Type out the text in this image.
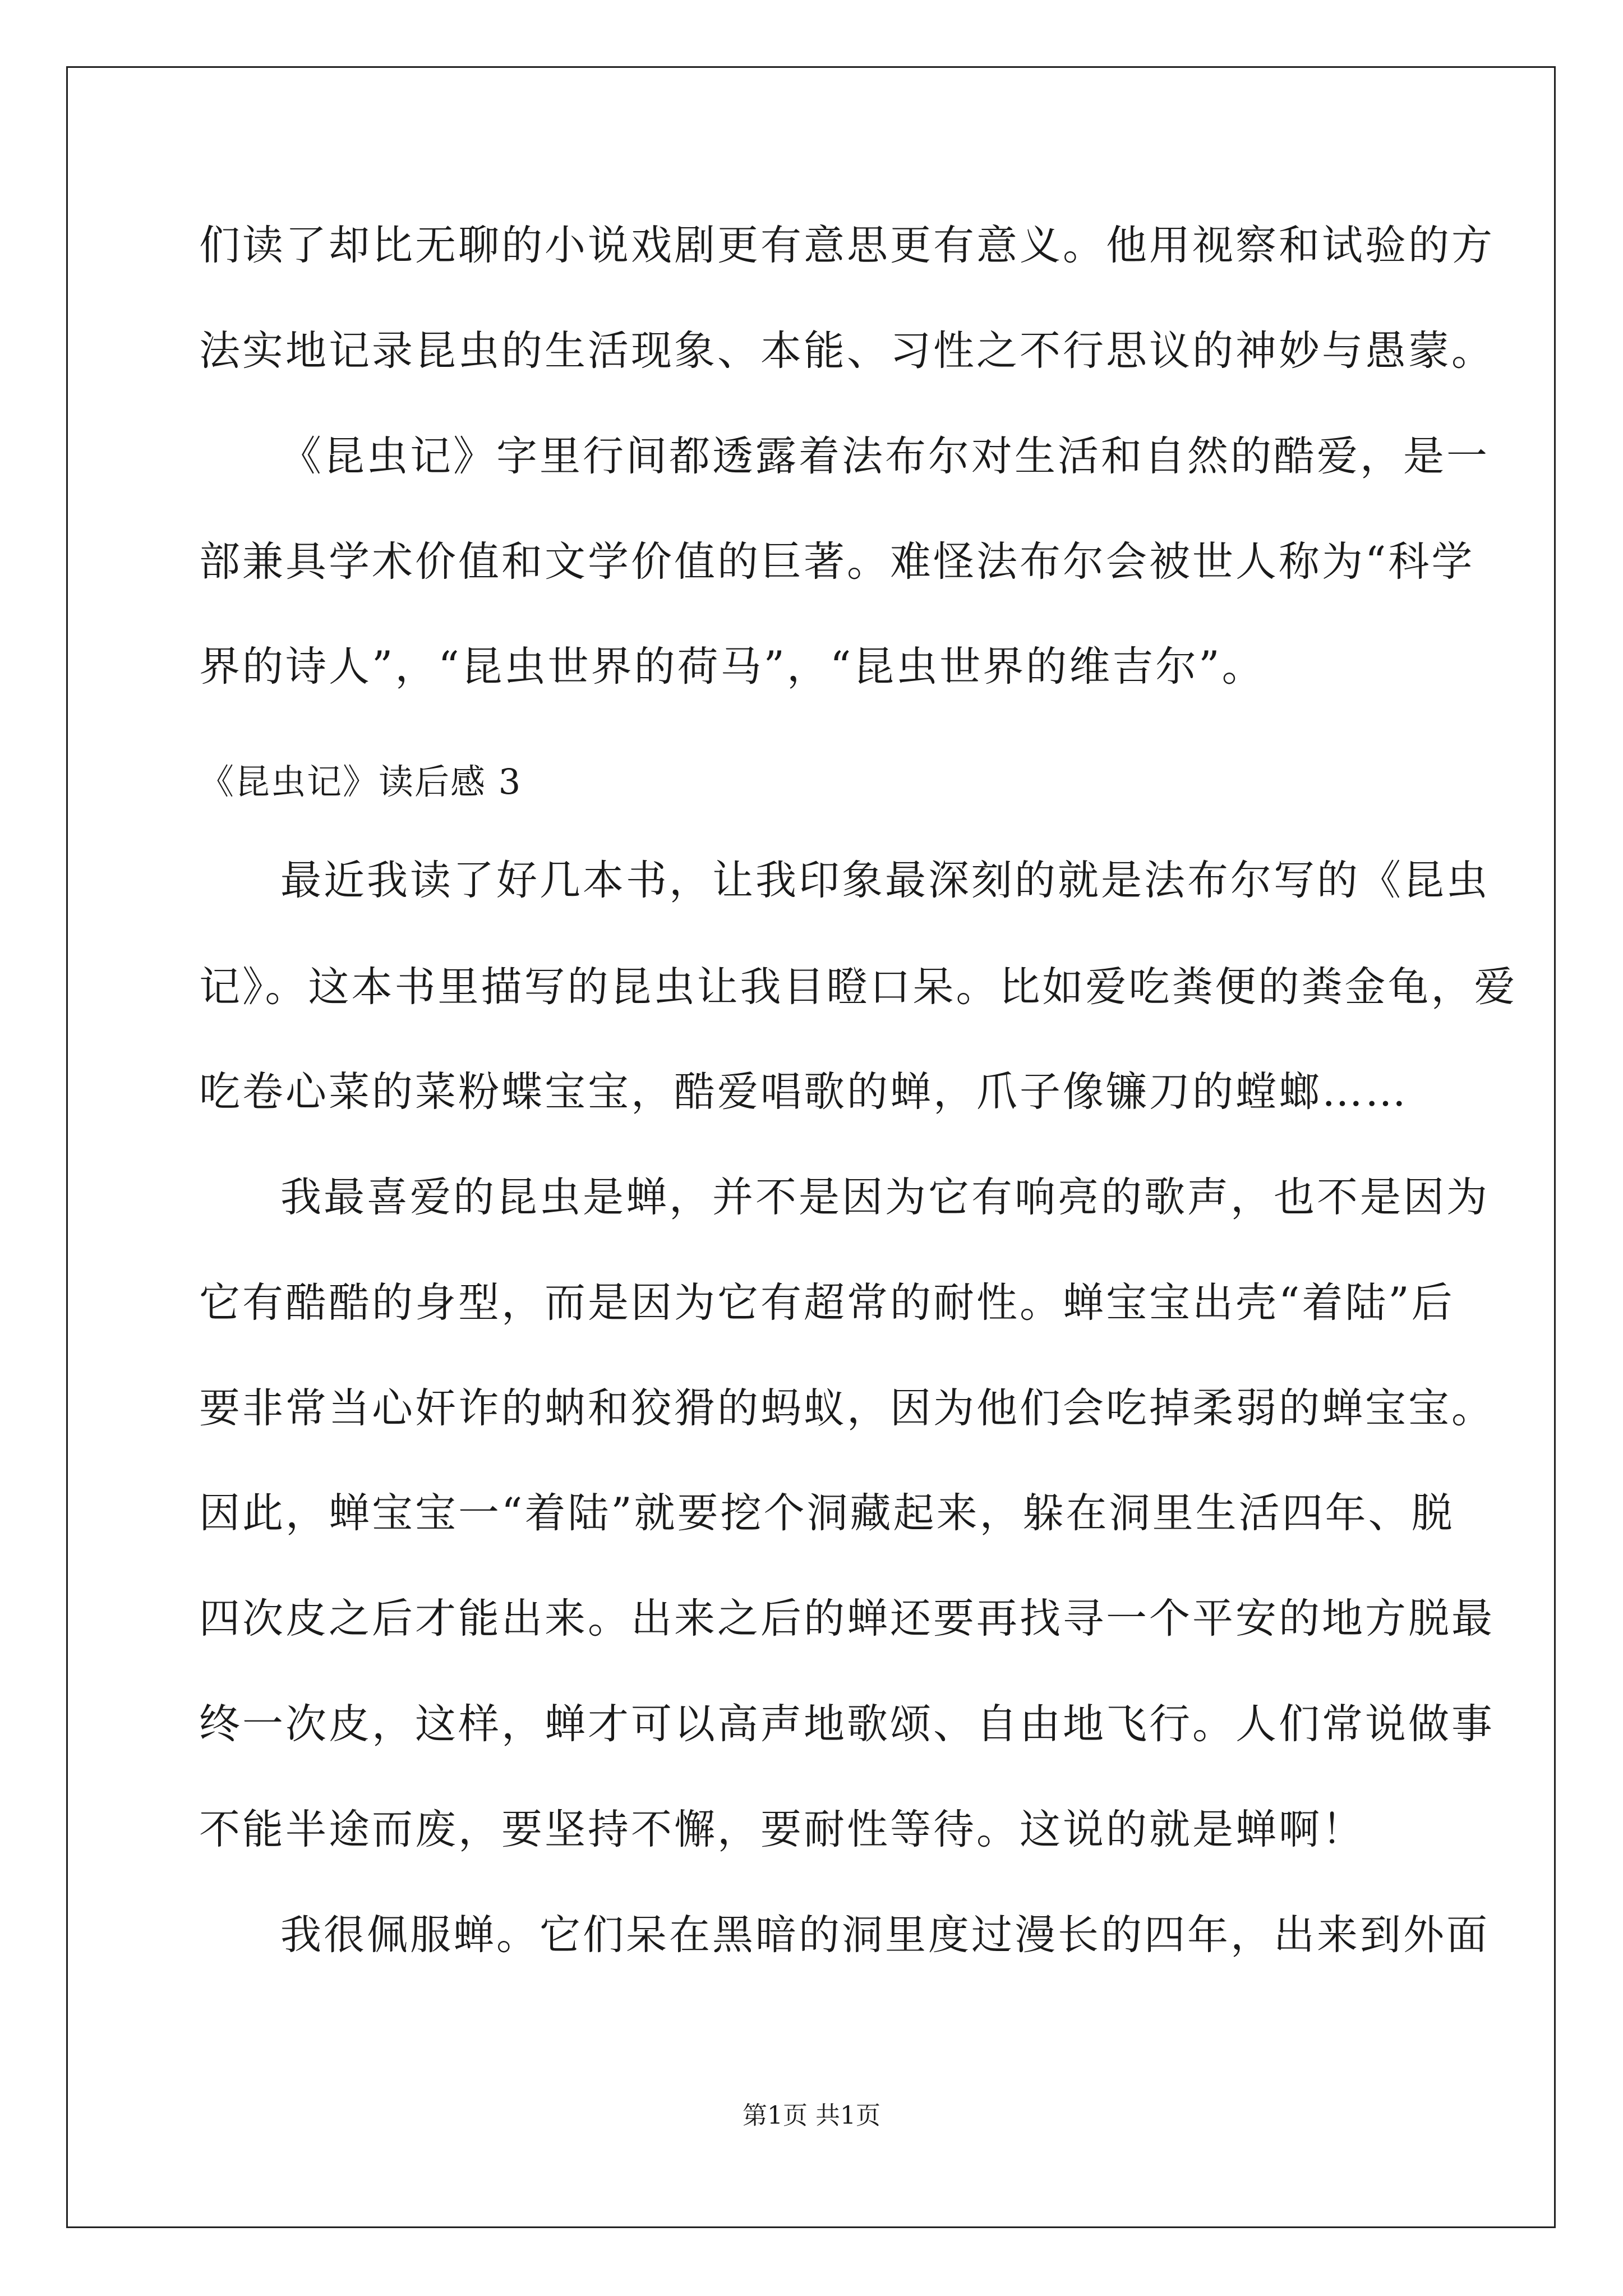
们读了却比无聊的小说戏剧更有意思更有意义。他用视察和试验的方
法实地记录昆虫的生活现象、本能、习性之不行思议的神妙与愚蒙。
《昆虫记》字里行间都透露着法布尔对生活和自然的酷爱，是一
部兼具学术价值和文学价值的巨著。难怪法布尔会被世人称为“科学
界的诗人”，“昆虫世界的荷马”，“昆虫世界的维吉尔”。
《昆虫记》读后感 3
最近我读了好几本书，让我印象最深刻的就是法布尔写的《昆虫
记》。这本书里描写的昆虫让我目瞪口呆。比如爱吃粪便的粪金龟，爱
吃卷心菜的菜粉蝶宝宝，酷爱唱歌的蝉，爪子像镰刀的螳螂……
我最喜爱的昆虫是蝉，并不是因为它有响亮的歌声，也不是因为
它有酷酷的身型，而是因为它有超常的耐性。蝉宝宝出壳“着陆”后
要非常当心奸诈的蚋和狡猾的蚂蚁，因为他们会吃掉柔弱的蝉宝宝。
因此，蝉宝宝一“着陆”就要挖个洞藏起来，躲在洞里生活四年、脱
四次皮之后才能出来。出来之后的蝉还要再找寻一个平安的地方脱最
终一次皮，这样，蝉才可以高声地歌颂、自由地飞行。人们常说做事
不能半途而废，要坚持不懈，要耐性等待。这说的就是蝉啊！
我很佩服蝉。它们呆在黑暗的洞里度过漫长的四年，出来到外面
第1页 共1页
